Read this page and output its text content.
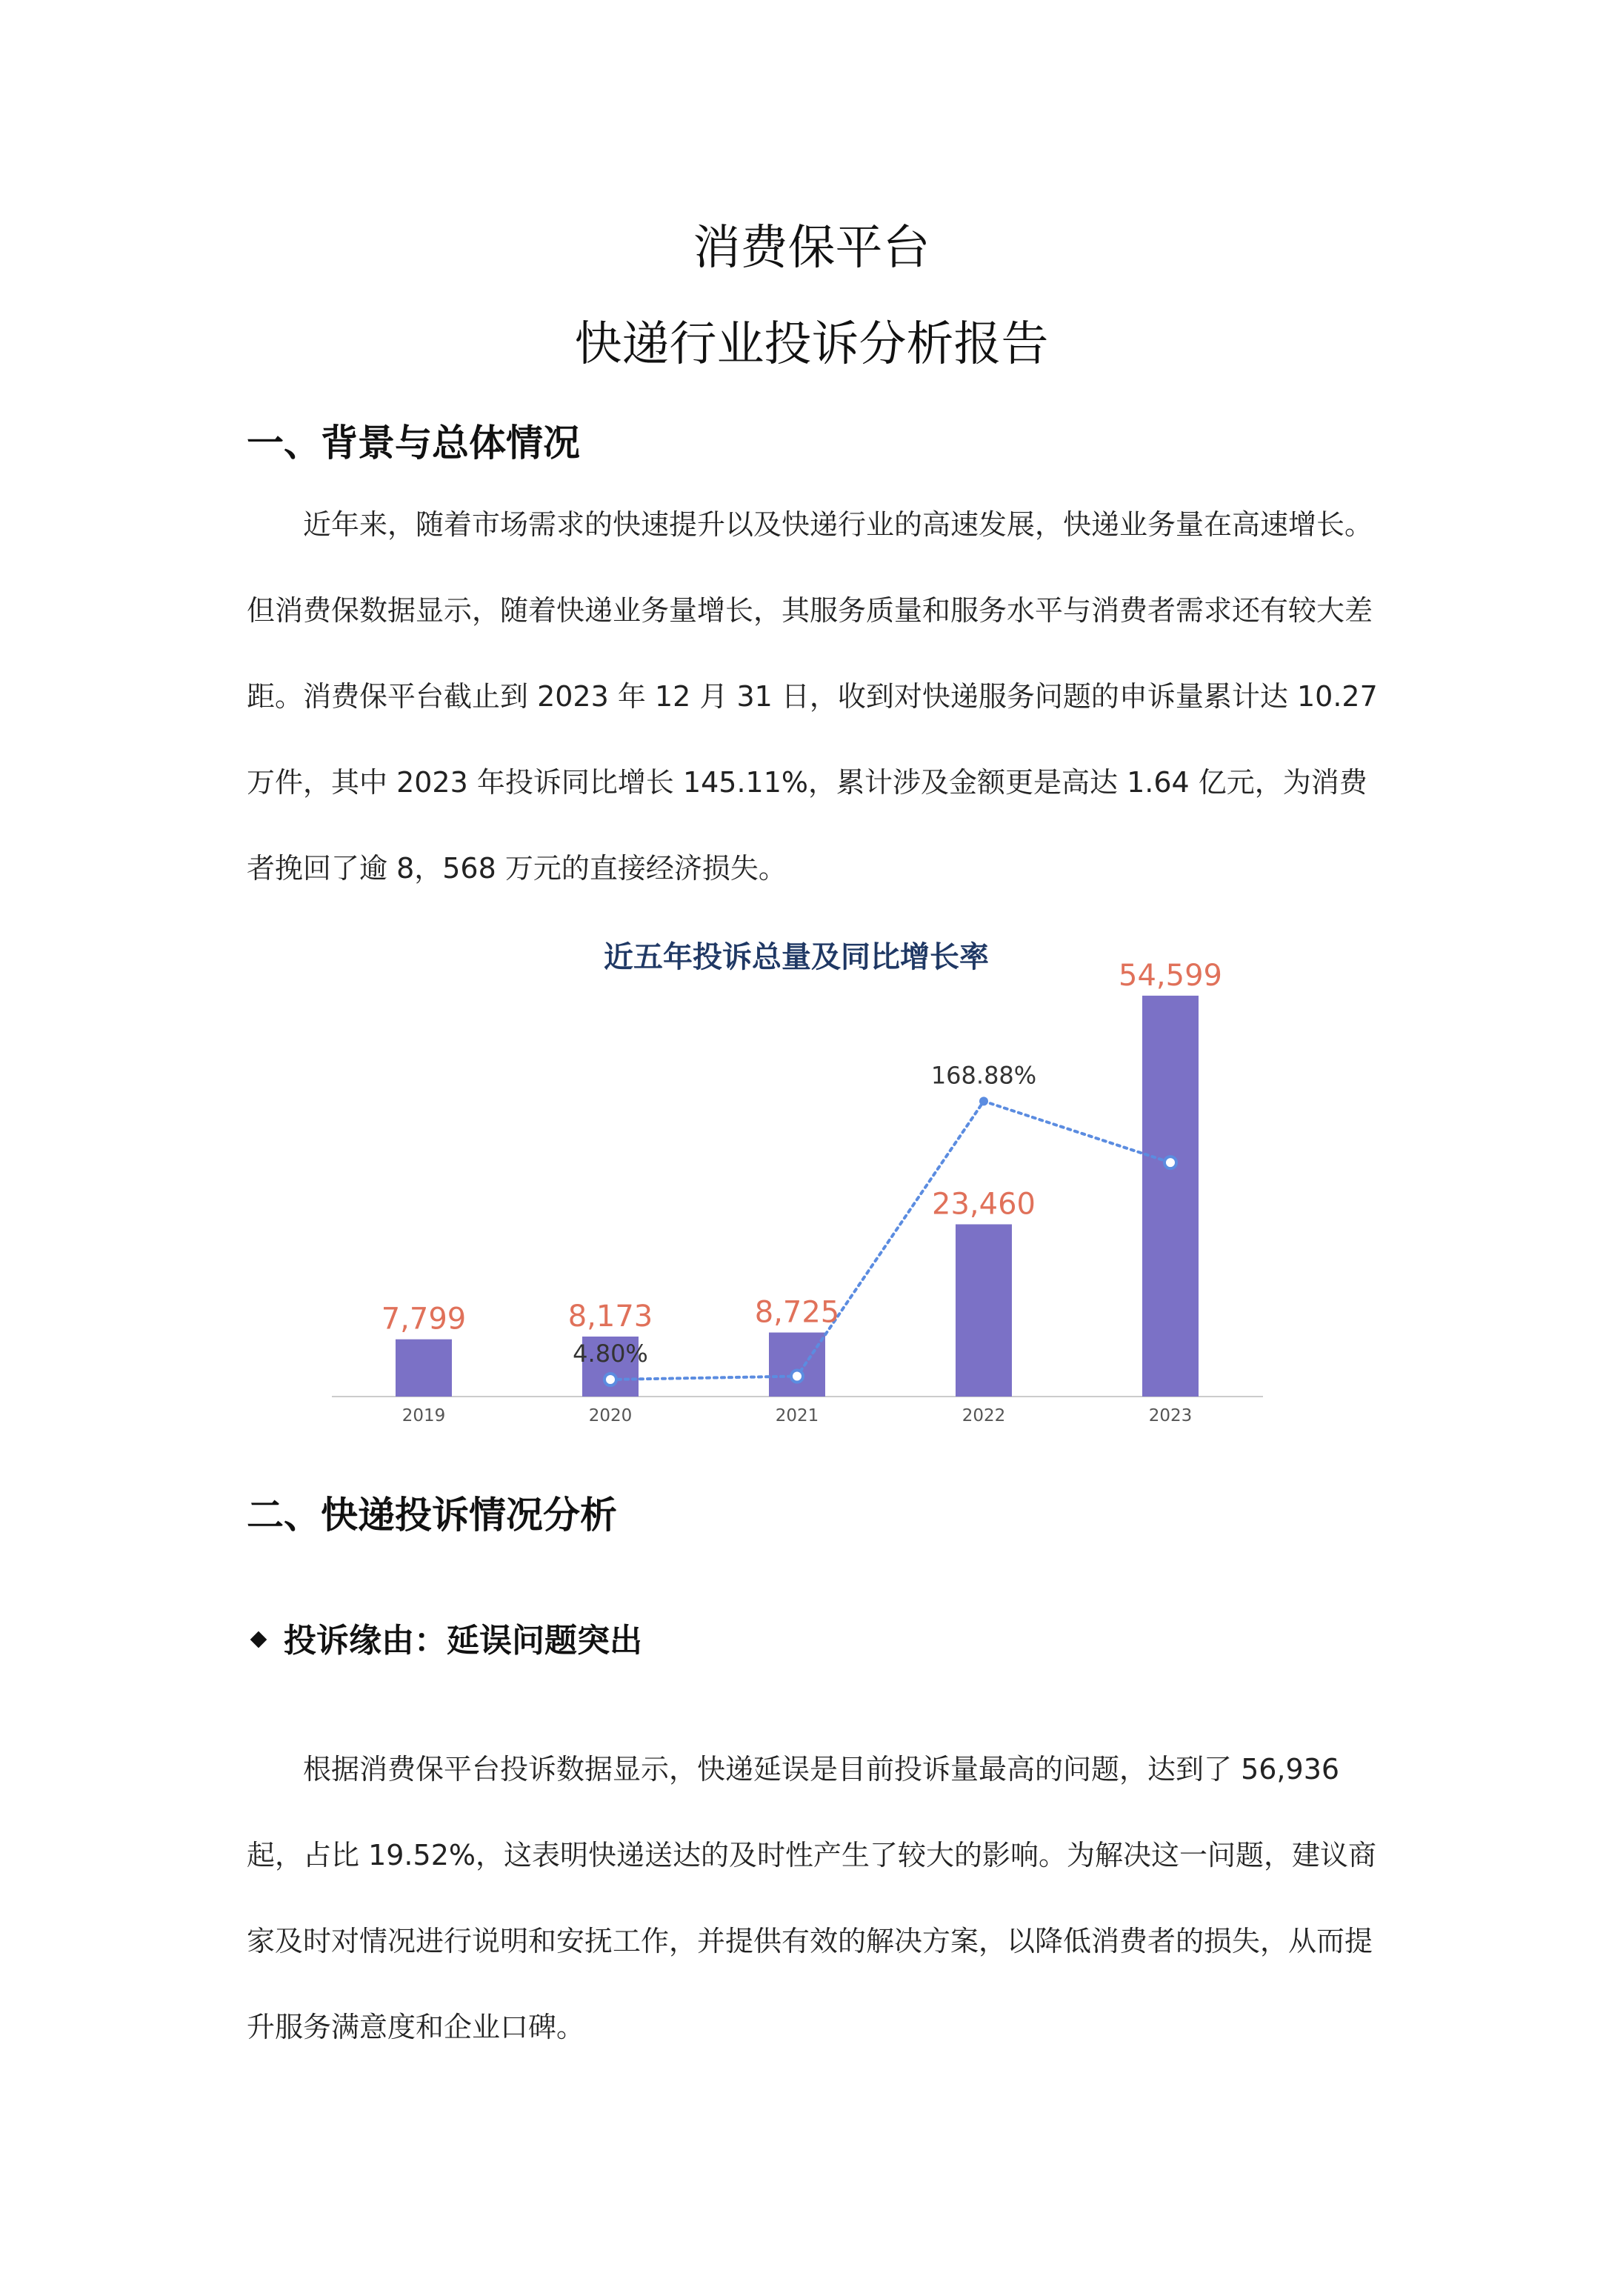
消费保平台
快递行业投诉分析报告
一、背景与总体情况

近年来，随着市场需求的快速提升以及快递行业的高速发展，快递业务量在高速增长。但消费保数据显示，随着快递业务量增长，其服务质量和服务水平与消费者需求还有较大差距。消费保平台截止到 2023 年 12 月 31 日，收到对快递服务问题的申诉量累计达 10.27 万件，其中 2023 年投诉同比增长 145.11%，累计涉及金额更是高达 1.64 亿元，为消费者挽回了逾 8，568 万元的直接经济损失。

近五年投诉总量及同比增长率
7,799
2019
8,173
2020
8,725
2021
23,460
2022
54,599
2023
4.80%
168.88%
二、快递投诉情况分析
投诉缘由：延误问题突出

根据消费保平台投诉数据显示，快递延误是目前投诉量最高的问题，达到了 56,936 起，占比 19.52%，这表明快递送达的及时性产生了较大的影响。为解决这一问题，建议商家及时对情况进行说明和安抚工作，并提供有效的解决方案，以降低消费者的损失，从而提升服务满意度和企业口碑。
